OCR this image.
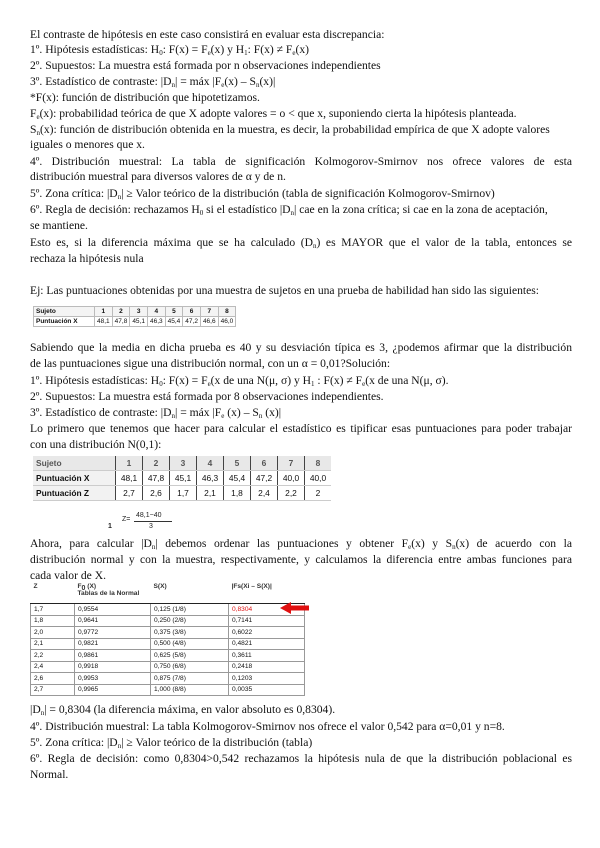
El contraste de hipótesis en este caso consistirá en evaluar esta discrepancia:
1º. Hipótesis estadísticas: $H_0$: $F(x) = F_e(x)$ y $H_1$: $F(x) \ne F_e(x)$
2º. Supuestos: La muestra está formada por n observaciones independientes
3º. Estadístico de contraste: $|D_n|$ = máx $|F_e(x) - S_n(x)|$
*F(x): función de distribución que hipotetizamos.
$F_e(x)$: probabilidad teórica de que X adopte valores = o < que x, suponiendo cierta la hipótesis planteada.
$S_n(x)$: función de distribución obtenida en la muestra, es decir, la probabilidad empírica de que X adopte valores
iguales o menores que x.
4º. Distribución muestral: La tabla de significación Kolmogorov-Smirnov nos ofrece valores de esta
distribución muestral para diversos valores de α y de n.
5º. Zona crítica: $|D_n|$ ≥ Valor teórico de la distribución (tabla de significación Kolmogorov-Smirnov)
6º. Regla de decisión: rechazamos $H_0$ si el estadístico $|D_n|$ cae en la zona crítica; si cae en la zona de aceptación,
se mantiene.
Esto es, si la diferencia máxima que se ha calculado $(D_n)$ es MAYOR que el valor de la tabla, entonces se
rechaza la hipótesis nula
Ej: Las puntuaciones obtenidas por una muestra de sujetos en una prueba de habilidad han sido las siguientes:
Sujeto	1	2	3	4	5	6	7	8
Puntuación X	48,1	47,8	45,1	46,3	45,4	47,2	46,6	46,0
Sabiendo que la media en dicha prueba es 40 y su desviación típica es 3, ¿podemos afirmar que la distribución
de las puntuaciones sigue una distribución normal, con un α = 0,01?Solución:
1º. Hipótesis estadísticas: $H_0$: $F(x) = F_e(x$ de una N(μ, σ) y $H_1$ : $F(x) \ne F_e(x$ de una N(μ, σ).
2º. Supuestos: La muestra está formada por 8 observaciones independientes.
3º. Estadístico de contraste: $|D_n|$ = máx $|F_e$ $(x) - S_n$ (x)|
Lo primero que tenemos que hacer para calcular el estadístico es tipificar esas puntuaciones para poder trabajar
con una distribución N(0,1):
Sujeto	1	2	3	4	5	6	7	8
Puntuación X	48,1	47,8	45,1	46,3	45,4	47,2	40,0	40,0
Puntuación Z	2,7	2,6	1,7	2,1	1,8	2,4	2,2	2
1
Z=
48,1−40
3
Ahora, para calcular $|D_n|$ debemos ordenar las puntuaciones y obtener $F_e(x)$ y $S_n(x)$ de acuerdo con la
distribución normal y con la muestra, respectivamente, y calculamos la diferencia entre ambas funciones para
cada valor de X.
Z	$F_0$ (X)
Tablas de la Normal	S(X)	|Fs(Xi – S(X)|
1,7	0,9554	0,125 (1/8)	0,8304
1,8	0,9641	0,250 (2/8)	0,7141
2,0	0,9772	0,375 (3/8)	0,6022
2,1	0,9821	0,500 (4/8)	0,4821
2,2	0,9861	0,625 (5/8)	0,3611
2,4	0,9918	0,750 (6/8)	0,2418
2,6	0,9953	0,875 (7/8)	0,1203
2,7	0,9965	1,000 (8/8)	0,0035
$|D_n| = 0,8304$ (la diferencia máxima, en valor absoluto es 0,8304).
4º. Distribución muestral: La tabla Kolmogorov-Smirnov nos ofrece el valor 0,542 para α=0,01 y n=8.
5º. Zona crítica: $|D_n|$ ≥ Valor teórico de la distribución (tabla)
6º. Regla de decisión: como 0,8304>0,542 rechazamos la hipótesis nula de que la distribución poblacional es
Normal.
